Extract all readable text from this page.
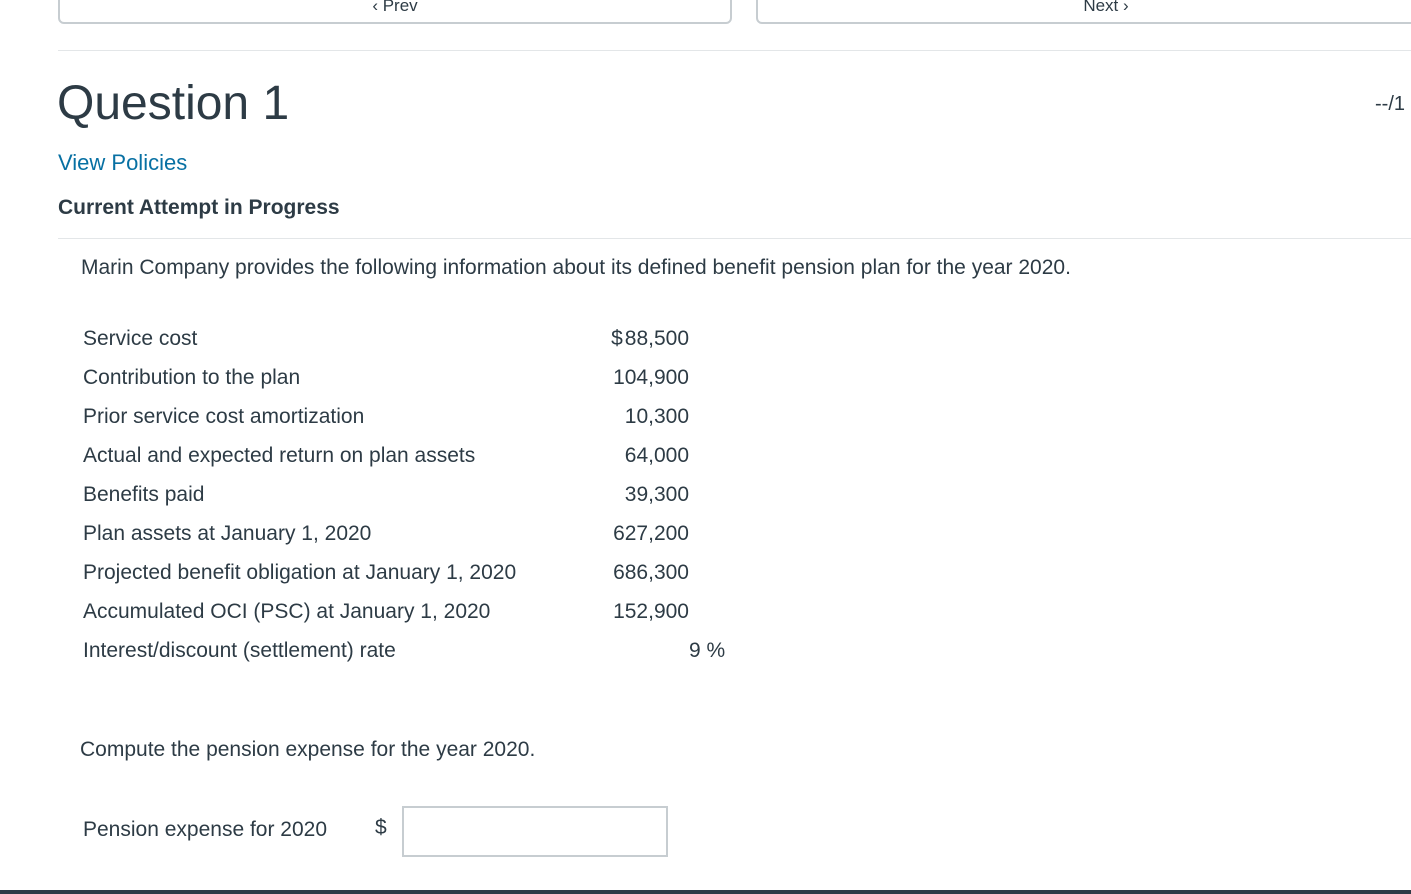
‹ Prev	Next ›
Question 1	--/1
View Policies
Current Attempt in Progress

Marin Company provides the following information about its defined benefit pension plan for the year 2020.

Service cost	$88,500	
Contribution to the plan	104,900	
Prior service cost amortization	10,300	
Actual and expected return on plan assets	64,000	
Benefits paid	39,300	
Plan assets at January 1, 2020	627,200	
Projected benefit obligation at January 1, 2020	686,300	
Accumulated OCI (PSC) at January 1, 2020	152,900	
Interest/discount (settlement) rate		9 %

Compute the pension expense for the year 2020.

Pension expense for 2020 $
